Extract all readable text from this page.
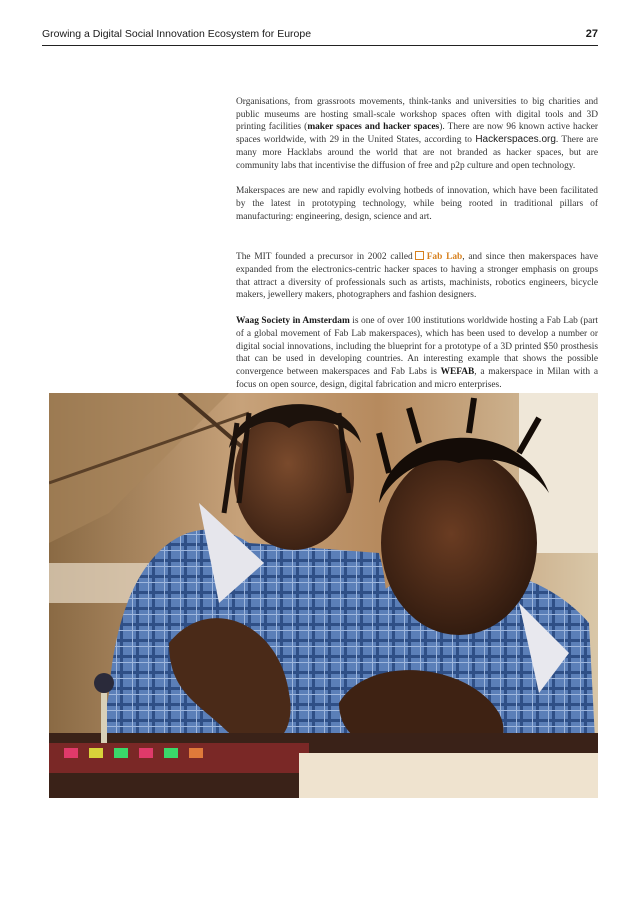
Growing a Digital Social Innovation Ecosystem for Europe	27

Organisations, from grassroots movements, think-tanks and universities to big charities and public museums are hosting small-scale workshop spaces often with digital tools and 3D printing facilities (maker spaces and hacker spaces). There are now 96 known active hacker spaces worldwide, with 29 in the United States, according to Hackerspaces.org. There are many more Hacklabs around the world that are not branded as hacker spaces, but are community labs that incentivise the diffusion of free and p2p culture and open technology.

Makerspaces are new and rapidly evolving hotbeds of innovation, which have been facilitated by the latest in prototyping technology, while being rooted in traditional pillars of manufacturing: engineering, design, science and art.

The MIT founded a precursor in 2002 called Fab Lab, and since then makerspaces have expanded from the electronics-centric hacker spaces to having a stronger emphasis on groups that attract a diversity of professionals such as artists, machinists, robotics engineers, bicycle makers, jewellery makers, photographers and fashion designers.

Waag Society in Amsterdam is one of over 100 institutions worldwide hosting a Fab Lab (part of a global movement of Fab Lab makerspaces), which has been used to develop a number or digital social innovations, including the blueprint for a prototype of a 3D printed $50 prosthesis that can be used in developing countries. An interesting example that shows the possible convergence between makerspaces and Fab Labs is WEFAB, a makerspace in Milan with a focus on open source, design, digital fabrication and micro enterprises.
